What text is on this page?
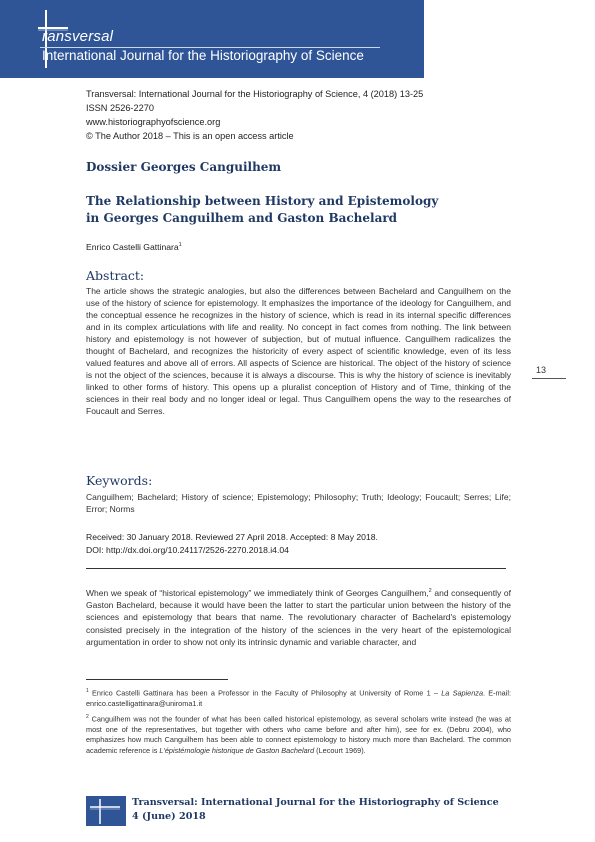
ransversal
International Journal for the Historiography of Science
Transversal: International Journal for the Historiography of Science, 4 (2018) 13-25
ISSN 2526-2270
www.historiographyofscience.org
© The Author 2018 – This is an open access article
Dossier Georges Canguilhem
The Relationship between History and Epistemology
in Georges Canguilhem and Gaston Bachelard
Enrico Castelli Gattinara$^1$
Abstract:
The article shows the strategic analogies, but also the differences between Bachelard and Canguilhem on the use of the history of science for epistemology. It emphasizes the importance of the ideology for Canguilhem, and the conceptual essence he recognizes in the history of science, which is read in its internal specific differences and in its complex articulations with life and reality. No concept in fact comes from nothing. The link between history and epistemology is not however of subjection, but of mutual influence. Canguilhem radicalizes the thought of Bachelard, and recognizes the historicity of every aspect of scientific knowledge, even of its less valued features and above all of errors. All aspects of Science are historical. The object of the history of science is not the object of the sciences, because it is always a discourse. This is why the history of science is inevitably linked to other forms of history. This opens up a pluralist conception of History and of Time, thinking of the sciences in their real body and no longer ideal or legal. Thus Canguilhem opens the way to the researches of Foucault and Serres.
Keywords:
Canguilhem; Bachelard; History of science; Epistemology; Philosophy; Truth; Ideology; Foucault; Serres; Life; Error; Norms
Received: 30 January 2018. Reviewed 27 April 2018. Accepted: 8 May 2018.
DOI: http://dx.doi.org/10.24117/2526-2270.2018.i4.04
When we speak of “historical epistemology” we immediately think of Georges Canguilhem,$^2$ and consequently of Gaston Bachelard, because it would have been the latter to start the particular union between the history of the sciences and epistemology that bears that name. The revolutionary character of Bachelard's epistemology consisted precisely in the integration of the history of the sciences in the very heart of the epistemological argumentation in order to show not only its intrinsic dynamic and variable character, and

$^1$ Enrico Castelli Gattinara has been a Professor in the Faculty of Philosophy at University of Rome 1 – La Sapienza. E-mail: enrico.castelligattinara@uniroma1.it

$^2$ Canguilhem was not the founder of what has been called historical epistemology, as several scholars write instead (he was at most one of the representatives, but together with others who came before and after him), see for ex. (Debru 2004), who emphasizes how much Canguilhem has been able to connect epistemology to history much more than Bachelard. The common academic reference is L'épistémologie historique de Gaston Bachelard (Lecourt 1969).

13
Transversal: International Journal for the Historiography of Science
4 (June) 2018
